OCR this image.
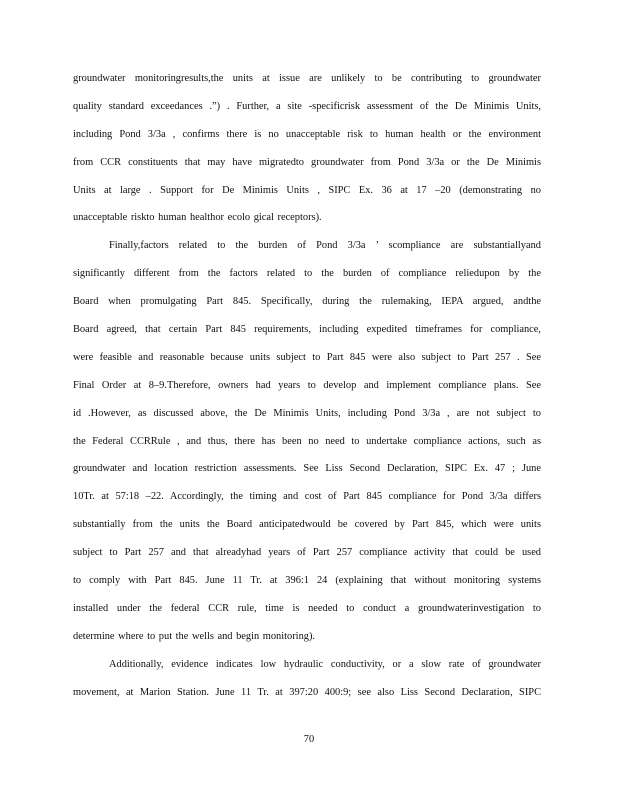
groundwater monitoringresults,the units at issue are unlikely to be contributing to groundwater
quality standard exceedances .”) . Further, a site -specificrisk assessment of the De Minimis Units,
including Pond 3/3a , confirms there is no unacceptable risk to human health or the environment
from CCR constituents that may have migratedto groundwater from Pond 3/3a or the De Minimis
Units at large . Support for De Minimis Units , SIPC Ex. 36 at 17 –20 (demonstrating no
unacceptable riskto human healthor ecolo gical receptors).
Finally,factors related to the burden of Pond 3/3a ’ scompliance are substantiallyand
significantly different from the factors related to the burden of compliance reliedupon by the
Board when promulgating Part 845. Specifically, during the rulemaking, IEPA argued, andthe
Board agreed, that certain Part 845 requirements, including expedited timeframes for compliance,
were feasible and reasonable because units subject to Part 845 were also subject to Part 257 . See
Final Order at 8–9.Therefore, owners had years to develop and implement compliance plans. See
id .However, as discussed above, the De Minimis Units, including Pond 3/3a , are not subject to
the Federal CCRRule , and thus, there has been no need to undertake compliance actions, such as
groundwater and location restriction assessments. See Liss Second Declaration, SIPC Ex. 47 ; June
10Tr. at 57:18 –22. Accordingly, the timing and cost of Part 845 compliance for Pond 3/3a differs
substantially from the units the Board anticipatedwould be covered by Part 845, which were units
subject to Part 257 and that alreadyhad years of Part 257 compliance activity that could be used
to comply with Part 845. June 11 Tr. at 396:1 24 (explaining that without monitoring systems
installed under the federal CCR rule, time is needed to conduct a groundwaterinvestigation to
determine where to put the wells and begin monitoring).
Additionally, evidence indicates low hydraulic conductivity, or a slow rate of groundwater
movement, at Marion Station. June 11 Tr. at 397:20 400:9; see also Liss Second Declaration, SIPC
70
